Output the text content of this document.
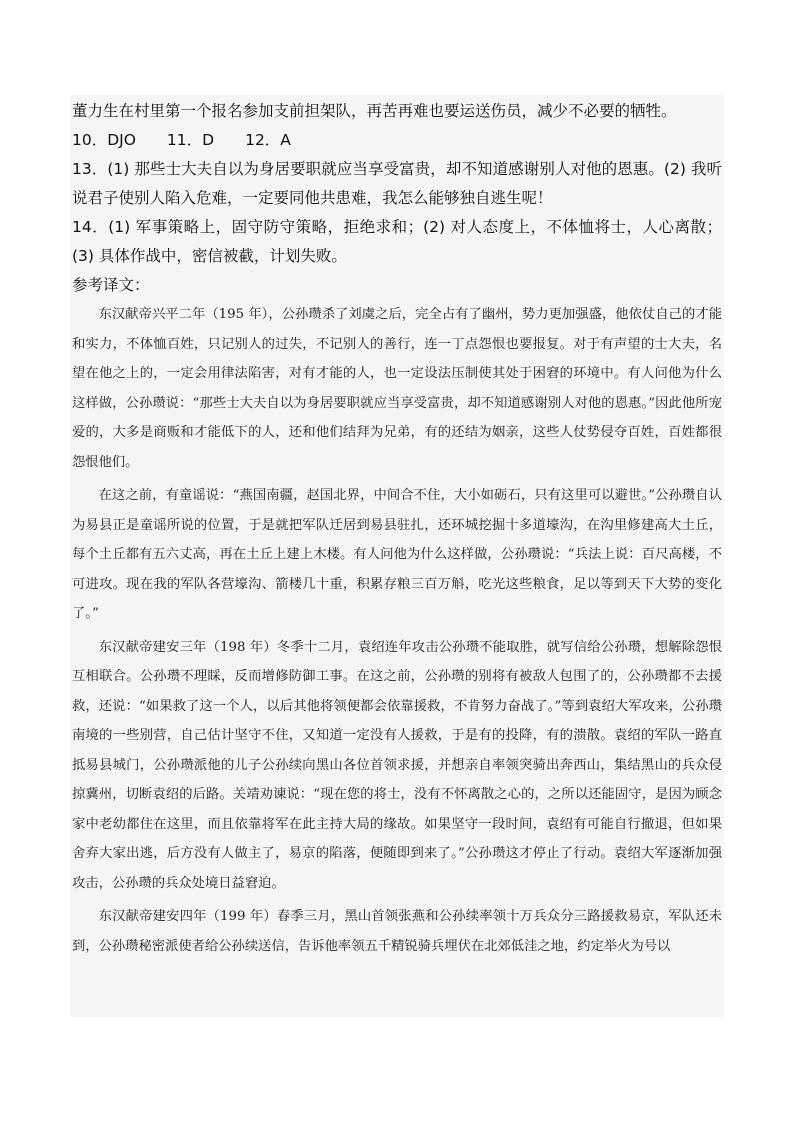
董力生在村里第一个报名参加支前担架队，再苦再难也要运送伤员，减少不必要的牺牲。

10．DJO　　11．D　　12．A

13．(1) 那些士大夫自以为身居要职就应当享受富贵，却不知道感谢别人对他的恩惠。(2) 我听说君子使别人陷入危难，一定要同他共患难，我怎么能够独自逃生呢！

14．(1) 军事策略上，固守防守策略，拒绝求和；(2) 对人态度上，不体恤将士，人心离散；(3) 具体作战中，密信被截，计划失败。

参考译文：

东汉献帝兴平二年（195 年），公孙瓒杀了刘虞之后，完全占有了幽州，势力更加强盛，他依仗自己的才能和实力，不体恤百姓，只记别人的过失，不记别人的善行，连一丁点怨恨也要报复。对于有声望的士大夫，名望在他之上的，一定会用律法陷害，对有才能的人，也一定设法压制使其处于困窘的环境中。有人问他为什么这样做，公孙瓒说：“那些士大夫自以为身居要职就应当享受富贵，却不知道感谢别人对他的恩惠。”因此他所宠爱的，大多是商贩和才能低下的人，还和他们结拜为兄弟，有的还结为姻亲，这些人仗势侵夺百姓，百姓都很怨恨他们。

在这之前，有童谣说：“燕国南疆，赵国北界，中间合不住，大小如砺石，只有这里可以避世。”公孙瓒自认为易县正是童谣所说的位置，于是就把军队迁居到易县驻扎，还环城挖掘十多道壕沟，在沟里修建高大土丘，每个土丘都有五六丈高，再在土丘上建上木楼。有人问他为什么这样做，公孙瓒说：“兵法上说：百尺高楼，不可进攻。现在我的军队各营壕沟、箭楼几十重，积累存粮三百万斛，吃光这些粮食，足以等到天下大势的变化了。”

东汉献帝建安三年（198 年）冬季十二月，袁绍连年攻击公孙瓒不能取胜，就写信给公孙瓒，想解除怨恨互相联合。公孙瓒不理睬，反而增修防御工事。在这之前，公孙瓒的别将有被敌人包围了的，公孙瓒都不去援救，还说：“如果救了这一个人，以后其他将领便都会依靠援救，不肯努力奋战了。”等到袁绍大军攻来，公孙瓒南境的一些别营，自己估计坚守不住，又知道一定没有人援救，于是有的投降，有的溃散。袁绍的军队一路直抵易县城门，公孙瓒派他的儿子公孙续向黑山各位首领求援，并想亲自率领突骑出奔西山，集结黑山的兵众侵掠冀州，切断袁绍的后路。关靖劝谏说：“现在您的将士，没有不怀离散之心的，之所以还能固守，是因为顾念家中老幼都住在这里，而且依靠将军在此主持大局的缘故。如果坚守一段时间，袁绍有可能自行撤退，但如果舍弃大家出逃，后方没有人做主了，易京的陷落，便随即到来了。”公孙瓒这才停止了行动。袁绍大军逐渐加强攻击，公孙瓒的兵众处境日益窘迫。

东汉献帝建安四年（199 年）春季三月，黑山首领张燕和公孙续率领十万兵众分三路援救易京，军队还未到，公孙瓒秘密派使者给公孙续送信，告诉他率领五千精锐骑兵埋伏在北郊低洼之地，约定举火为号以
